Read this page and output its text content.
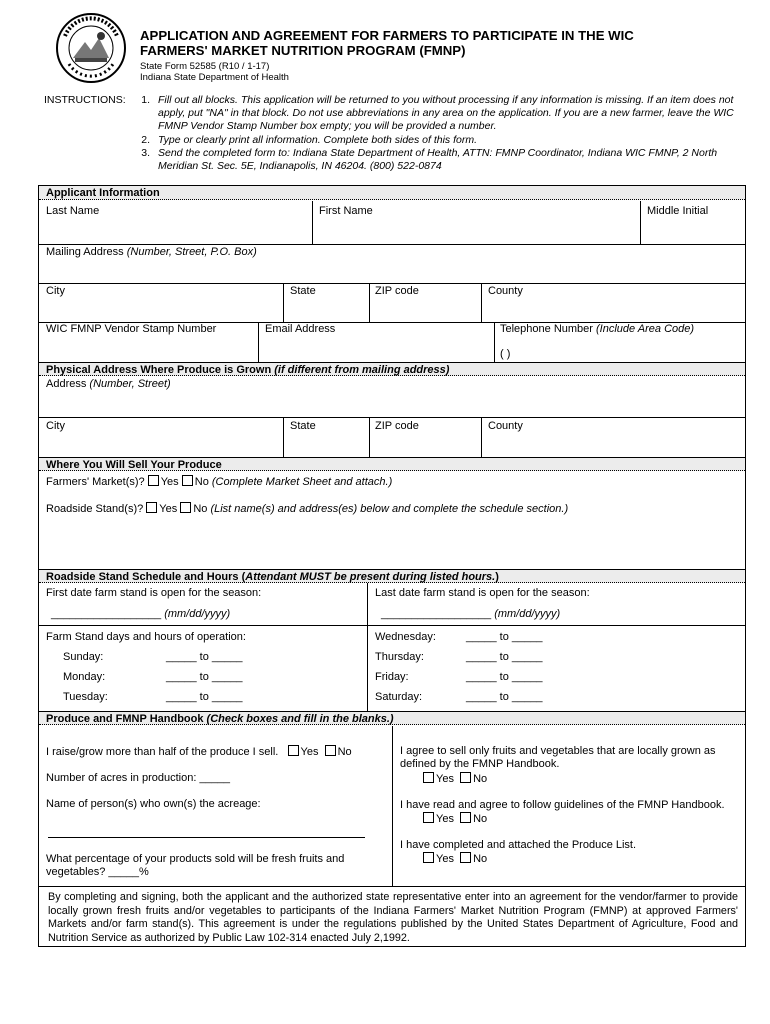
APPLICATION AND AGREEMENT FOR FARMERS TO PARTICIPATE IN THE WIC
FARMERS' MARKET NUTRITION PROGRAM (FMNP)
State Form 52585 (R10 / 1-17)
Indiana State Department of Health
INSTRUCTIONS:	1. Fill out all blocks. This application will be returned to you without processing if any information is missing. If an item does not apply, put "NA" in that block. Do not use abbreviations in any area on the application. If you are a new farmer, leave the WIC FMNP Vendor Stamp Number box empty; you will be provided a number.
2. Type or clearly print all information. Complete both sides of this form.
3. Send the completed form to: Indiana State Department of Health, ATTN: FMNP Coordinator, Indiana WIC FMNP, 2 North Meridian St. Sec. 5E, Indianapolis, IN 46204. (800) 522-0874
Applicant Information
Last Name	First Name	Middle Initial
Mailing Address (Number, Street, P.O. Box)
City	State	ZIP code	County
WIC FMNP Vendor Stamp Number	Email Address	Telephone Number (Include Area Code)
( )
Physical Address Where Produce is Grown (if different from mailing address)
Address (Number, Street)
City	State	ZIP code	County
Where You Will Sell Your Produce
Farmers' Market(s)? Yes No (Complete Market Sheet and attach.)
Roadside Stand(s)? Yes No (List name(s) and address(es) below and complete the schedule section.)
Roadside Stand Schedule and Hours (Attendant MUST be present during listed hours.)
First date farm stand is open for the season:	Last date farm stand is open for the season:
__________________ (mm/dd/yyyy)	__________________ (mm/dd/yyyy)
Farm Stand days and hours of operation:
Sunday:	_____ to _____
Monday:	_____ to _____
Tuesday:	_____ to _____
Wednesday:	_____ to _____
Thursday:	_____ to _____
Friday:	_____ to _____
Saturday:	_____ to _____
Produce and FMNP Handbook (Check boxes and fill in the blanks.)
I raise/grow more than half of the produce I sell. Yes No
Number of acres in production: _____
Name of person(s) who own(s) the acreage:
What percentage of your products sold will be fresh fruits and
vegetables? _____%
I agree to sell only fruits and vegetables that are locally grown as
defined by the FMNP Handbook.
Yes No
I have read and agree to follow guidelines of the FMNP Handbook.
Yes No
I have completed and attached the Produce List.
Yes No
By completing and signing, both the applicant and the authorized state representative enter into an agreement for the vendor/farmer to provide locally grown fresh fruits and/or vegetables to participants of the Indiana Farmers' Market Nutrition Program (FMNP) at approved Farmers' Markets and/or farm stand(s). This agreement is under the regulations published by the United States Department of Agriculture, Food and Nutrition Service as authorized by Public Law 102-314 enacted July 2,1992.
